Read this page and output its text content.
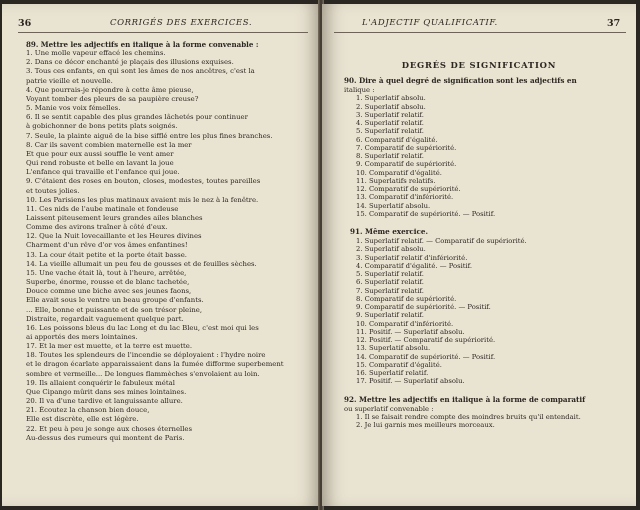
36	CORRIGÉS DES EXERCICES.
89. Mettre les adjectifs en italique à la forme convenable :
1. Une molle vapeur effacé les chemins.
2. Dans ce décor enchanté je plaçais des illusions exquises.
3. Tous ces enfants, en qui sont les âmes de nos ancêtres, c'est la
patrie vieille et nouvelle.
4. Que pourrais-je répondre à cette âme pieuse,
Voyant tomber des pleurs de sa paupière creuse?
5. Manie vos voix fémelles.
6. Il se sentit capable des plus grandes lâchetés pour continuer
à gobichonner de bons petits plats soignés.
7. Seule, la plainte aiguë de la bise sifflé entre les plus fines branches.
8. Car ils savent combien maternelle est la mer
Et que pour eux aussi souffle le vent amer
Qui rend robuste et belle en lavant la joue
L'enfance qui travaille et l'enfance qui joue.
9. C'étaient des roses en bouton, closes, modestes, toutes pareilles
et toutes jolies.
10. Les Parisiens les plus matinaux avaient mis le nez à la fenêtre.
11. Ces nids de l'aube matinale et fondeuse
Laissent piteusement leurs grandes ailes blanches
Comme des avirons traîner à côté d'eux.
12. Que la Nuit lovecaillante et les Heures divines
Charment d'un rêve d'or vos âmes enfantines!
13. La cour était petite et la porte était basse.
14. La vieille allumait un peu feu de gousses et de feuilles sèches.
15. Une vache était là, tout à l'heure, arrêtée,
Superbe, énorme, rousse et de blanc tachetée,
Douce comme une biche avec ses jeunes faons,
Elle avait sous le ventre un beau groupe d'enfants.
... Elle, bonne et puissante et de son trésor pleine,
Distraite, regardait vaguement quelque part.
16. Les poissons bleus du lac Long et du lac Bleu, c'est moi qui les
ai apportés des mers lointaines.
17. Et la mer est muette, et la terre est muette.
18. Toutes les splendeurs de l'incendie se déployaient : l'hydre noire
et le dragon écarlate apparaissaient dans la fumée difforme superbement
sombre et vermeille... De longues flammèches s'envolaient au loin.
19. Ils allaient conquérir le fabuleux métal
Que Cipango mûrit dans ses mines lointaines.
20. Il va d'une tardive et languissante allure.
21. Écoutez la chanson bien douce,
Elle est discrète, elle est légère.
22. Et peu à peu je songe aux choses éternelles
Au-dessus des rumeurs qui montent de Paris.
L'ADJECTIF QUALIFICATIF.	37
DEGRÉS DE SIGNIFICATION
90. Dire à quel degré de signification sont les adjectifs en
italique :
1. Superlatif absolu.
2. Superlatif absolu.
3. Superlatif relatif.
4. Superlatif relatif.
5. Superlatif relatif.
6. Comparatif d'égalité.
7. Comparatif de supériorité.
8. Superlatif relatif.
9. Comparatif de supériorité.
10. Comparatif d'égalité.
11. Superlatifs relatifs.
12. Comparatif de supériorité.
13. Comparatif d'infériorité.
14. Superlatif absolu.
15. Comparatif de supériorité. — Positif.
91. Même exercice.
1. Superlatif relatif. — Comparatif de supériorité.
2. Superlatif absolu.
3. Superlatif relatif d'infériorité.
4. Comparatif d'égalité. — Positif.
5. Superlatif relatif.
6. Superlatif relatif.
7. Superlatif relatif.
8. Comparatif de supériorité.
9. Comparatif de supériorité. — Positif.
9. Superlatif relatif.
10. Comparatif d'infériorité.
11. Positif. — Superlatif absolu.
12. Positif. — Comparatif de supériorité.
13. Superlatif absolu.
14. Comparatif de supériorité. — Positif.
15. Comparatif d'égalité.
16. Superlatif relatif.
17. Positif. — Superlatif absolu.
92. Mettre les adjectifs en italique à la forme de comparatif
ou superlatif convenable :
1. Il se faisait rendre compte des moindres bruits qu'il entendait.
2. Je lui garnis mes meilleurs morceaux.
